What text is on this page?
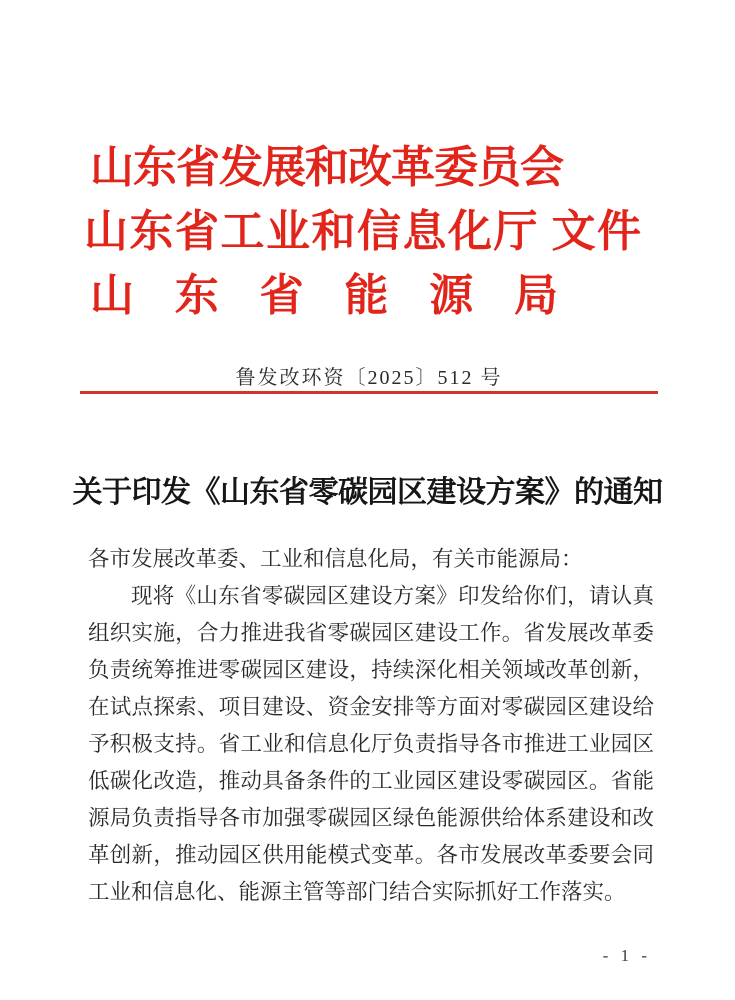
山东省发展和改革委员会
山东省工业和信息化厅 文件
山东省能源局
鲁发改环资〔2025〕512 号
关于印发《山东省零碳园区建设方案》的通知

各市发展改革委、工业和信息化局，有关市能源局：

现将《山东省零碳园区建设方案》印发给你们，请认真组织实施，合力推进我省零碳园区建设工作。省发展改革委负责统筹推进零碳园区建设，持续深化相关领域改革创新，在试点探索、项目建设、资金安排等方面对零碳园区建设给予积极支持。省工业和信息化厅负责指导各市推进工业园区低碳化改造，推动具备条件的工业园区建设零碳园区。省能源局负责指导各市加强零碳园区绿色能源供给体系建设和改革创新，推动园区供用能模式变革。各市发展改革委要会同工业和信息化、能源主管等部门结合实际抓好工作落实。

- 1 -
